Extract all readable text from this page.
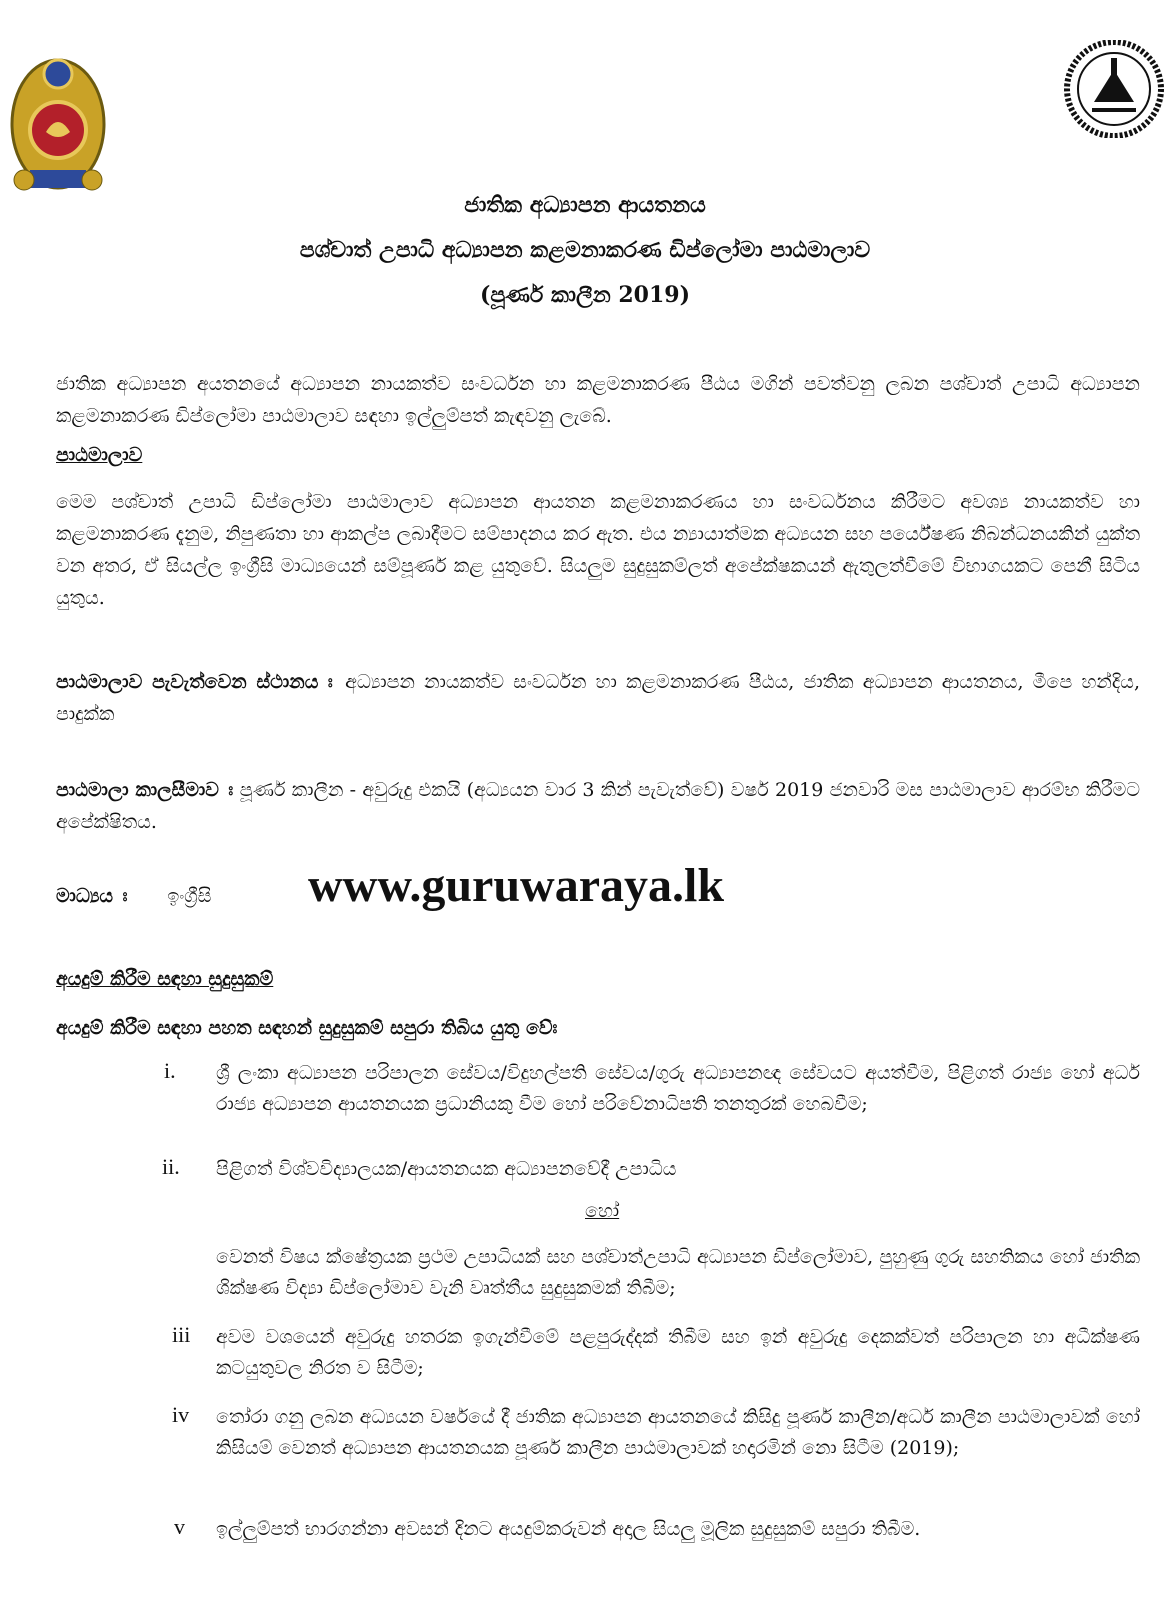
ජාතික අධ්‍යාපන ආයතනය
පශ්චාත් උපාධි අධ්‍යාපන කළමනාකරණ ඩිප්ලෝමා පාඨමාලාව
(පූර්ණ කාලීන 2019)
ජාතික අධ්‍යාපන අයතනයේ අධ්‍යාපන නායකත්ව සංවර්ධන හා කළමනාකරණ පීඨය මගින් පවත්වනු ලබන පශ්චාත් උපාධි අධ්‍යාපන කළමනාකරණ ඩිප්ලෝමා පාඨමාලාව සඳහා ඉල්ලුම්පත් කැඳවනු ලැබේ.
පාඨමාලාව
මෙම පශ්චාත් උපාධි ඩිප්ලෝමා පාඨමාලාව අධ්‍යාපන ආයතන කළමනාකරණය හා සංවර්ධනය කිරීමට අවශ්‍ය නායකත්ව හා කළමනාකරණ දැනුම, නිපුණතා හා ආකල්ප ලබාදීමට සම්පාදනය කර ඇත. එය න්‍යායාත්මක අධ්‍යයන සහ පර්යේෂණ නිබන්ධනයකින් යුක්ත වන අතර, ඒ සියල්ල ඉංග්‍රීසි මාධ්‍යයෙන් සම්පූර්ණ කළ යුතුවේ. සියලුම සුදුසුකම්ලත් අපේක්ෂකයන් ඇතුලත්වීමේ විභාගයකට පෙනී සිටිය යුතුය.
පාඨමාලාව පැවැත්වෙන ස්ථානය ඃ අධ්‍යාපන නායකත්ව සංවර්ධන හා කළමනාකරණ පීඨය, ජාතික අධ්‍යාපන ආයතනය, මීපෙ හන්දිය, පාදුක්ක
පාඨමාලා කාලසීමාව ඃ පූර්ණ කාලීන - අවුරුදු එකයි (අධ්‍යයන වාර 3 කින් පැවැත්වේ) වර්ෂ 2019 ජනවාරි මස පාඨමාලාව ආරම්භ කිරීමට අපේක්ෂිතය.
මාධ්‍යය ඃ ඉංග්‍රීසි	www.guruwaraya.lk
අයදුම් කිරීම සඳහා සුදුසුකම්
අයදුම් කිරීම සඳහා පහත සඳහන් සුදුසුකම් සපුරා තිබිය යුතු වේඃ
i. ශ්‍රී ලංකා අධ්‍යාපන පරිපාලන සේවය/විදුහල්පති සේවය/ගුරු අධ්‍යාපනඥ සේවයට අයත්වීම, පිළිගත් රාජ්‍ය හෝ අර්ධ රාජ්‍ය අධ්‍යාපන ආයතනයක ප්‍රධානියකු වීම හෝ පරිවේනාධිපති තනතුරක් හෙබවීම;
ii. පිළිගත් විශ්වවිද්‍යාලයක/ආයතනයක අධ්‍යාපනවේදී උපාධිය
හෝ
වෙනත් විෂය ක්ෂේත්‍රයක ප්‍රථම උපාධියක් සහ පශ්චාත්උපාධි අධ්‍යාපන ඩිප්ලෝමාව, පුහුණු ගුරු සහතිකය හෝ ජාතික ශික්ෂණ විද්‍යා ඩිප්ලෝමාව වැනි වෘත්තීය සුදුසුකමක් තිබීම;
iii අවම වශයෙන් අවුරුදු හතරක ඉගැන්වීමේ පළපුරුද්දක් තිබීම සහ ඉන් අවුරුදු දෙකක්වත් පරිපාලන හා අධීක්ෂණ කටයුතුවල නිරත ව සිටීම;
iv තෝරා ගනු ලබන අධ්‍යයන වර්ෂයේ දී ජාතික අධ්‍යාපන ආයතනයේ කිසිදු පූර්ණ කාලීන/අර්ධ කාලීන පාඨමාලාවක් හෝ කිසියම් වෙනත් අධ්‍යාපන ආයතනයක පූර්ණ කාලීන පාඨමාලාවක් හදාරමින් නො සිටීම (2019);
v ඉල්ලුම්පත් භාරගන්නා අවසන් දිනට අයදුම්කරුවන් අදාල සියලු මූලික සුදුසුකම් සපුරා තිබීම.
